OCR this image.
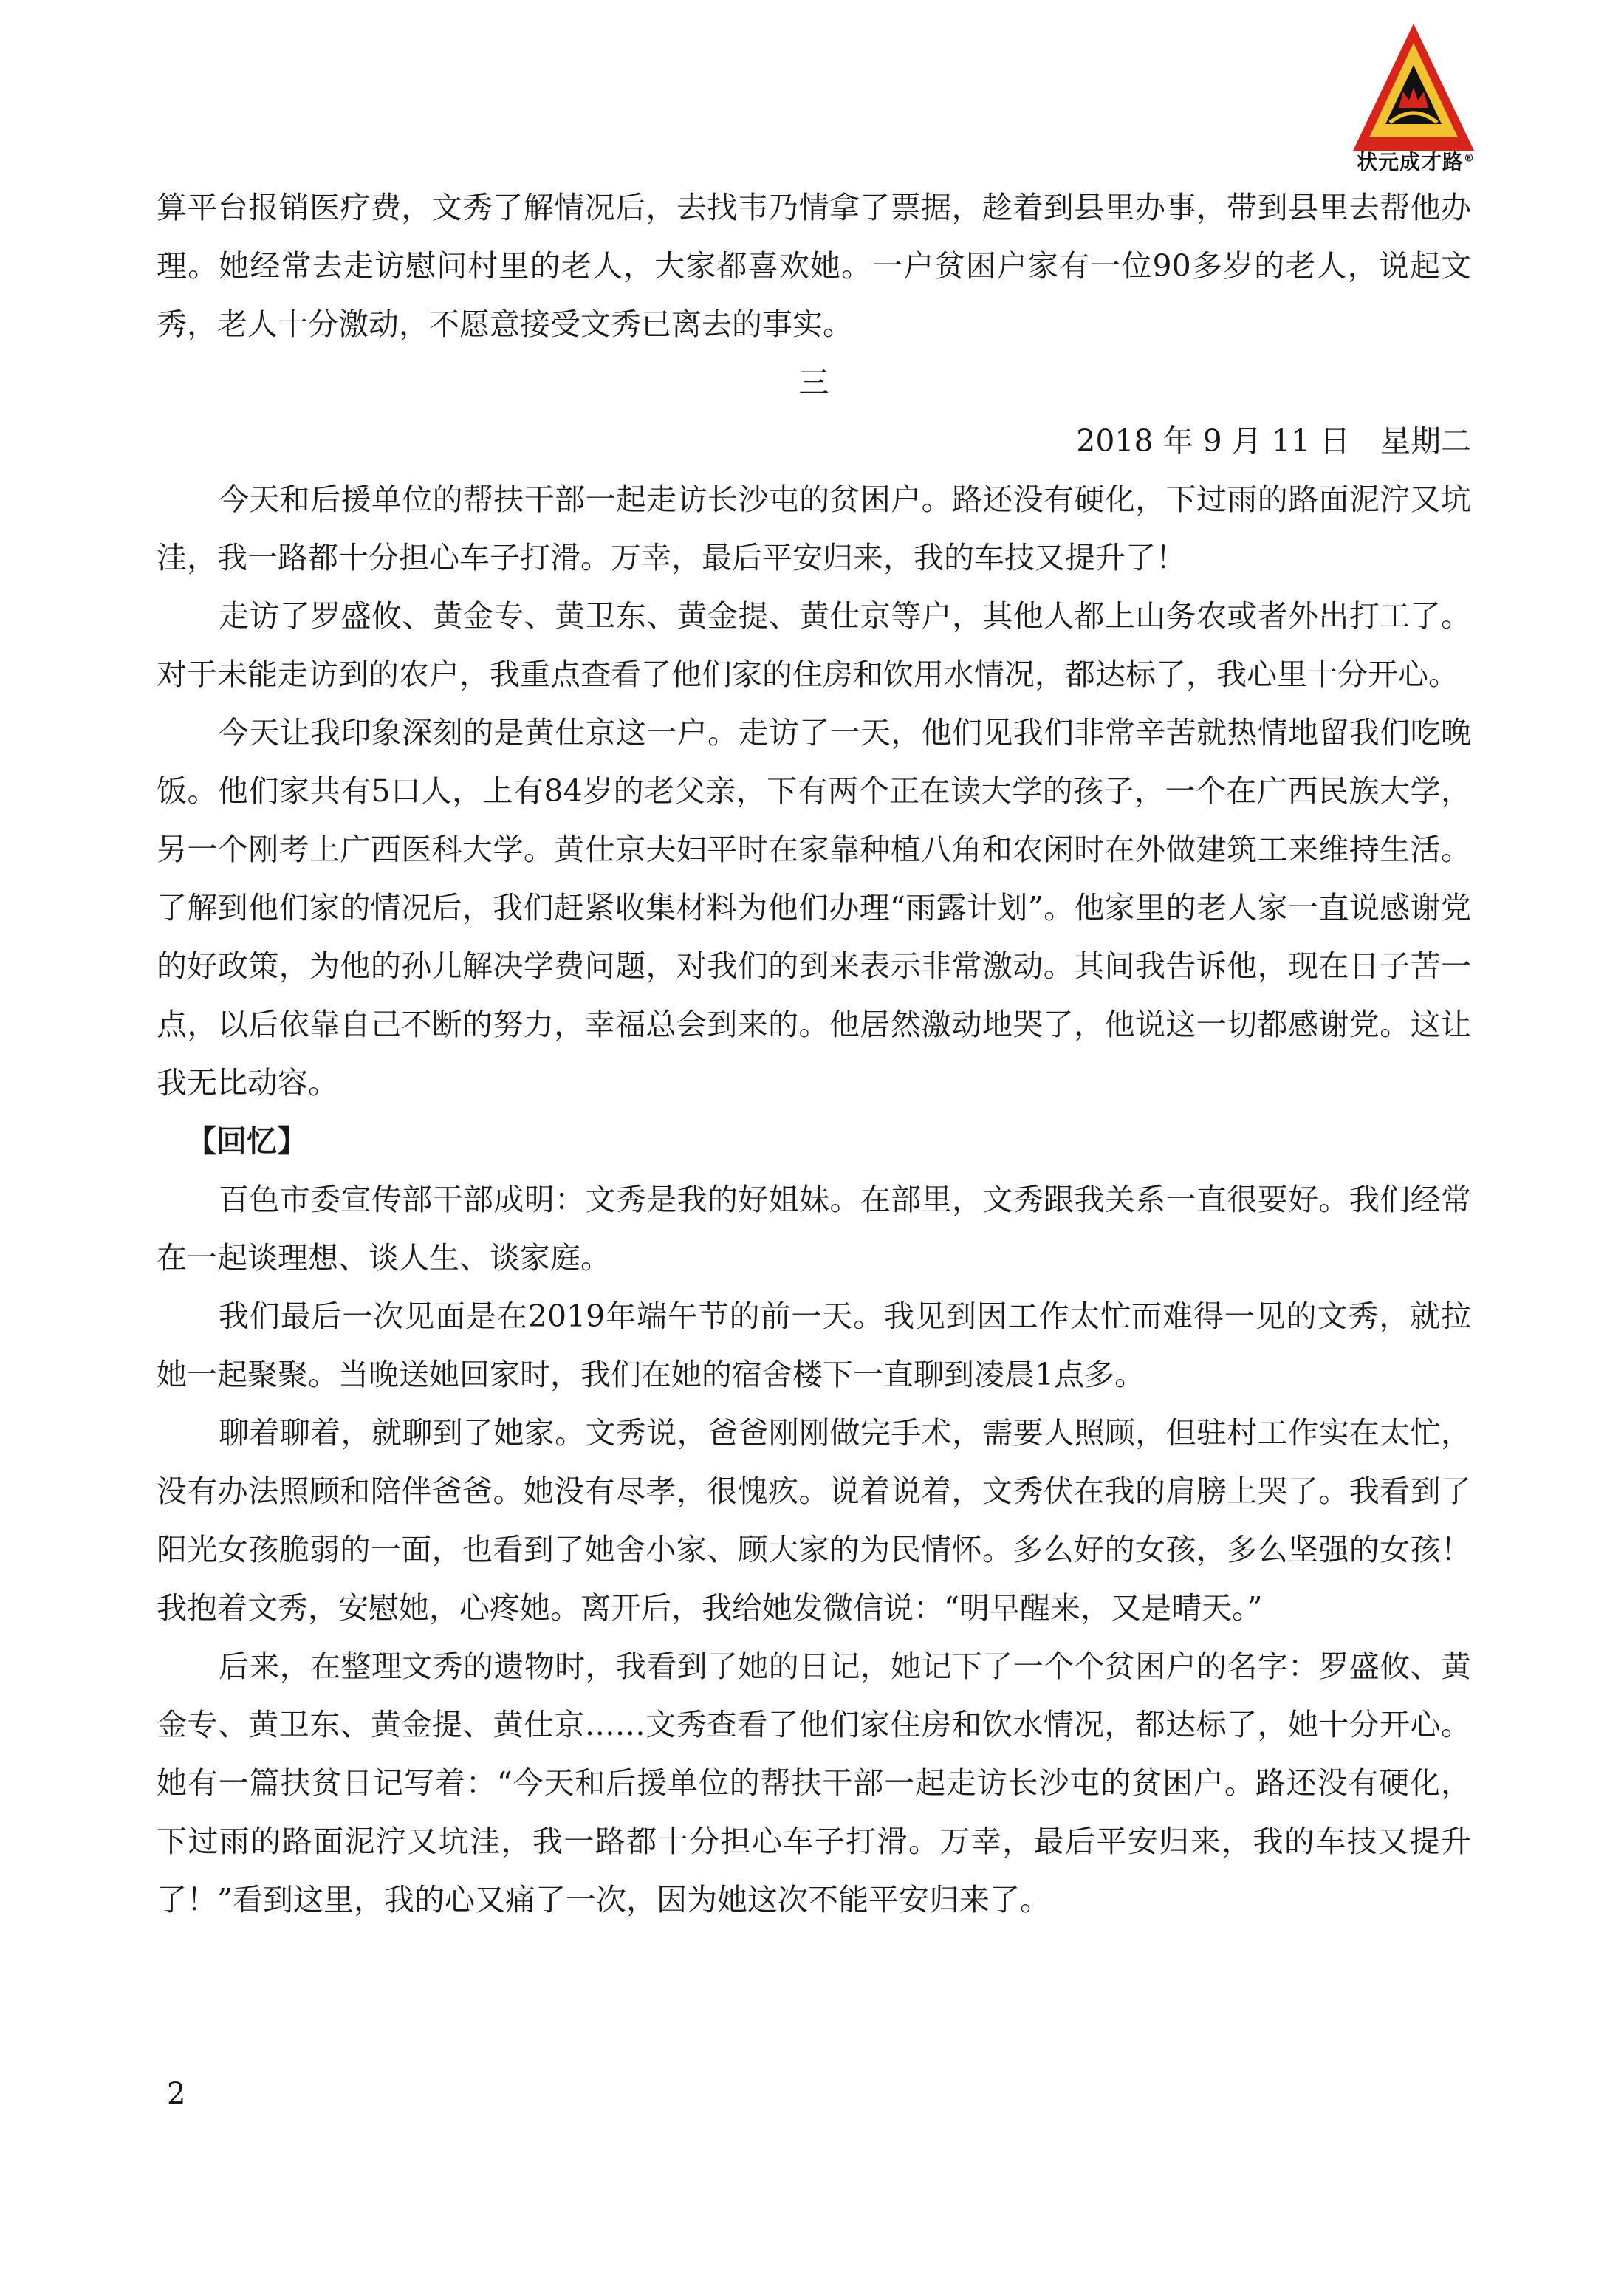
状元成才路®

算平台报销医疗费，文秀了解情况后，去找韦乃情拿了票据，趁着到县里办事，带到县里去帮他办理。她经常去走访慰问村里的老人，大家都喜欢她。一户贫困户家有一位90多岁的老人，说起文秀，老人十分激动，不愿意接受文秀已离去的事实。

三

2018 年 9 月 11 日　星期二

今天和后援单位的帮扶干部一起走访长沙屯的贫困户。路还没有硬化，下过雨的路面泥泞又坑洼，我一路都十分担心车子打滑。万幸，最后平安归来，我的车技又提升了！

走访了罗盛攸、黄金专、黄卫东、黄金提、黄仕京等户，其他人都上山务农或者外出打工了。对于未能走访到的农户，我重点查看了他们家的住房和饮用水情况，都达标了，我心里十分开心。

今天让我印象深刻的是黄仕京这一户。走访了一天，他们见我们非常辛苦就热情地留我们吃晚饭。他们家共有5口人，上有84岁的老父亲，下有两个正在读大学的孩子，一个在广西民族大学，另一个刚考上广西医科大学。黄仕京夫妇平时在家靠种植八角和农闲时在外做建筑工来维持生活。了解到他们家的情况后，我们赶紧收集材料为他们办理“雨露计划”。他家里的老人家一直说感谢党的好政策，为他的孙儿解决学费问题，对我们的到来表示非常激动。其间我告诉他，现在日子苦一点，以后依靠自己不断的努力，幸福总会到来的。他居然激动地哭了，他说这一切都感谢党。这让我无比动容。

【回忆】

百色市委宣传部干部成明：文秀是我的好姐妹。在部里，文秀跟我关系一直很要好。我们经常在一起谈理想、谈人生、谈家庭。

我们最后一次见面是在2019年端午节的前一天。我见到因工作太忙而难得一见的文秀，就拉她一起聚聚。当晚送她回家时，我们在她的宿舍楼下一直聊到凌晨1点多。

聊着聊着，就聊到了她家。文秀说，爸爸刚刚做完手术，需要人照顾，但驻村工作实在太忙，没有办法照顾和陪伴爸爸。她没有尽孝，很愧疚。说着说着，文秀伏在我的肩膀上哭了。我看到了阳光女孩脆弱的一面，也看到了她舍小家、顾大家的为民情怀。多么好的女孩，多么坚强的女孩！我抱着文秀，安慰她，心疼她。离开后，我给她发微信说：“明早醒来，又是晴天。”

后来，在整理文秀的遗物时，我看到了她的日记，她记下了一个个贫困户的名字：罗盛攸、黄金专、黄卫东、黄金提、黄仕京……文秀查看了他们家住房和饮水情况，都达标了，她十分开心。她有一篇扶贫日记写着：“今天和后援单位的帮扶干部一起走访长沙屯的贫困户。路还没有硬化，下过雨的路面泥泞又坑洼，我一路都十分担心车子打滑。万幸，最后平安归来，我的车技又提升了！”看到这里，我的心又痛了一次，因为她这次不能平安归来了。

2
